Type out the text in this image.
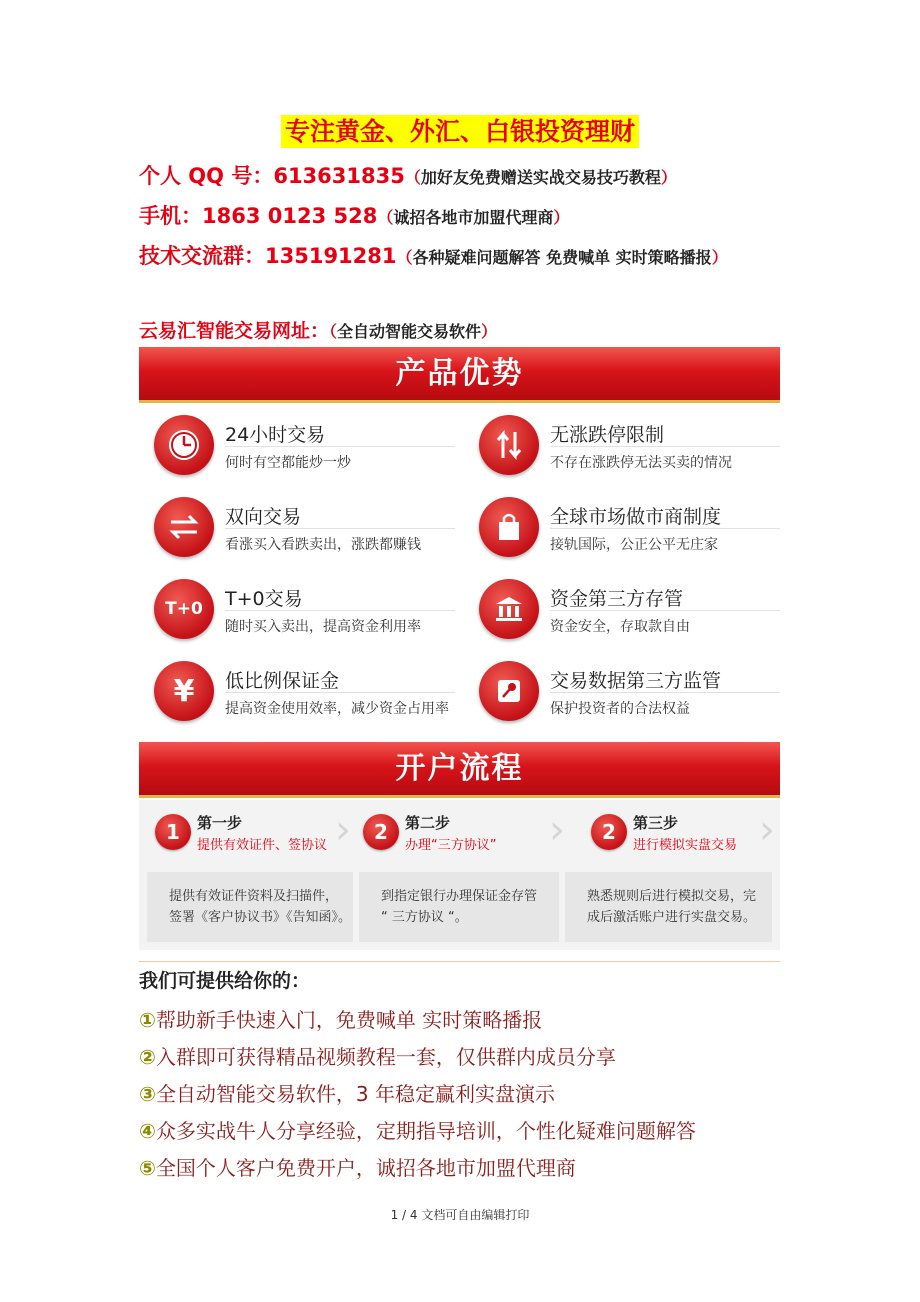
专注黄金、外汇、白银投资理财
个人 QQ 号：613631835（加好友免费赠送实战交易技巧教程）
手机：1863 0123 528（诚招各地市加盟代理商）
技术交流群：135191281（各种疑难问题解答 免费喊单 实时策略播报）
云易汇智能交易网址：（全自动智能交易软件）
产品优势
24小时交易
何时有空都能炒一炒
无涨跌停限制
不存在涨跌停无法买卖的情况
双向交易
看涨买入看跌卖出，涨跌都赚钱
全球市场做市商制度
接轨国际，公正公平无庄家
T+0	T+0交易
随时买入卖出，提高资金利用率
资金第三方存管
资金安全，存取款自由
¥	低比例保证金
提高资金使用效率，减少资金占用率
交易数据第三方监管
保护投资者的合法权益
开户流程
1	第一步
提供有效证件、签协议 ›	2	第二步
办理“三方协议” ›	2	第三步
进行模拟实盘交易 ›
提供有效证件资料及扫描件，
签署《客户协议书》《告知函》。
到指定银行办理保证金存管
“ 三方协议 “。
熟悉规则后进行模拟交易，完
成后激活账户进行实盘交易。
我们可提供给你的：
①帮助新手快速入门，免费喊单 实时策略播报
②入群即可获得精品视频教程一套，仅供群内成员分享
③全自动智能交易软件，3 年稳定赢利实盘演示
④众多实战牛人分享经验，定期指导培训，个性化疑难问题解答
⑤全国个人客户免费开户，诚招各地市加盟代理商
1 / 4 文档可自由编辑打印
